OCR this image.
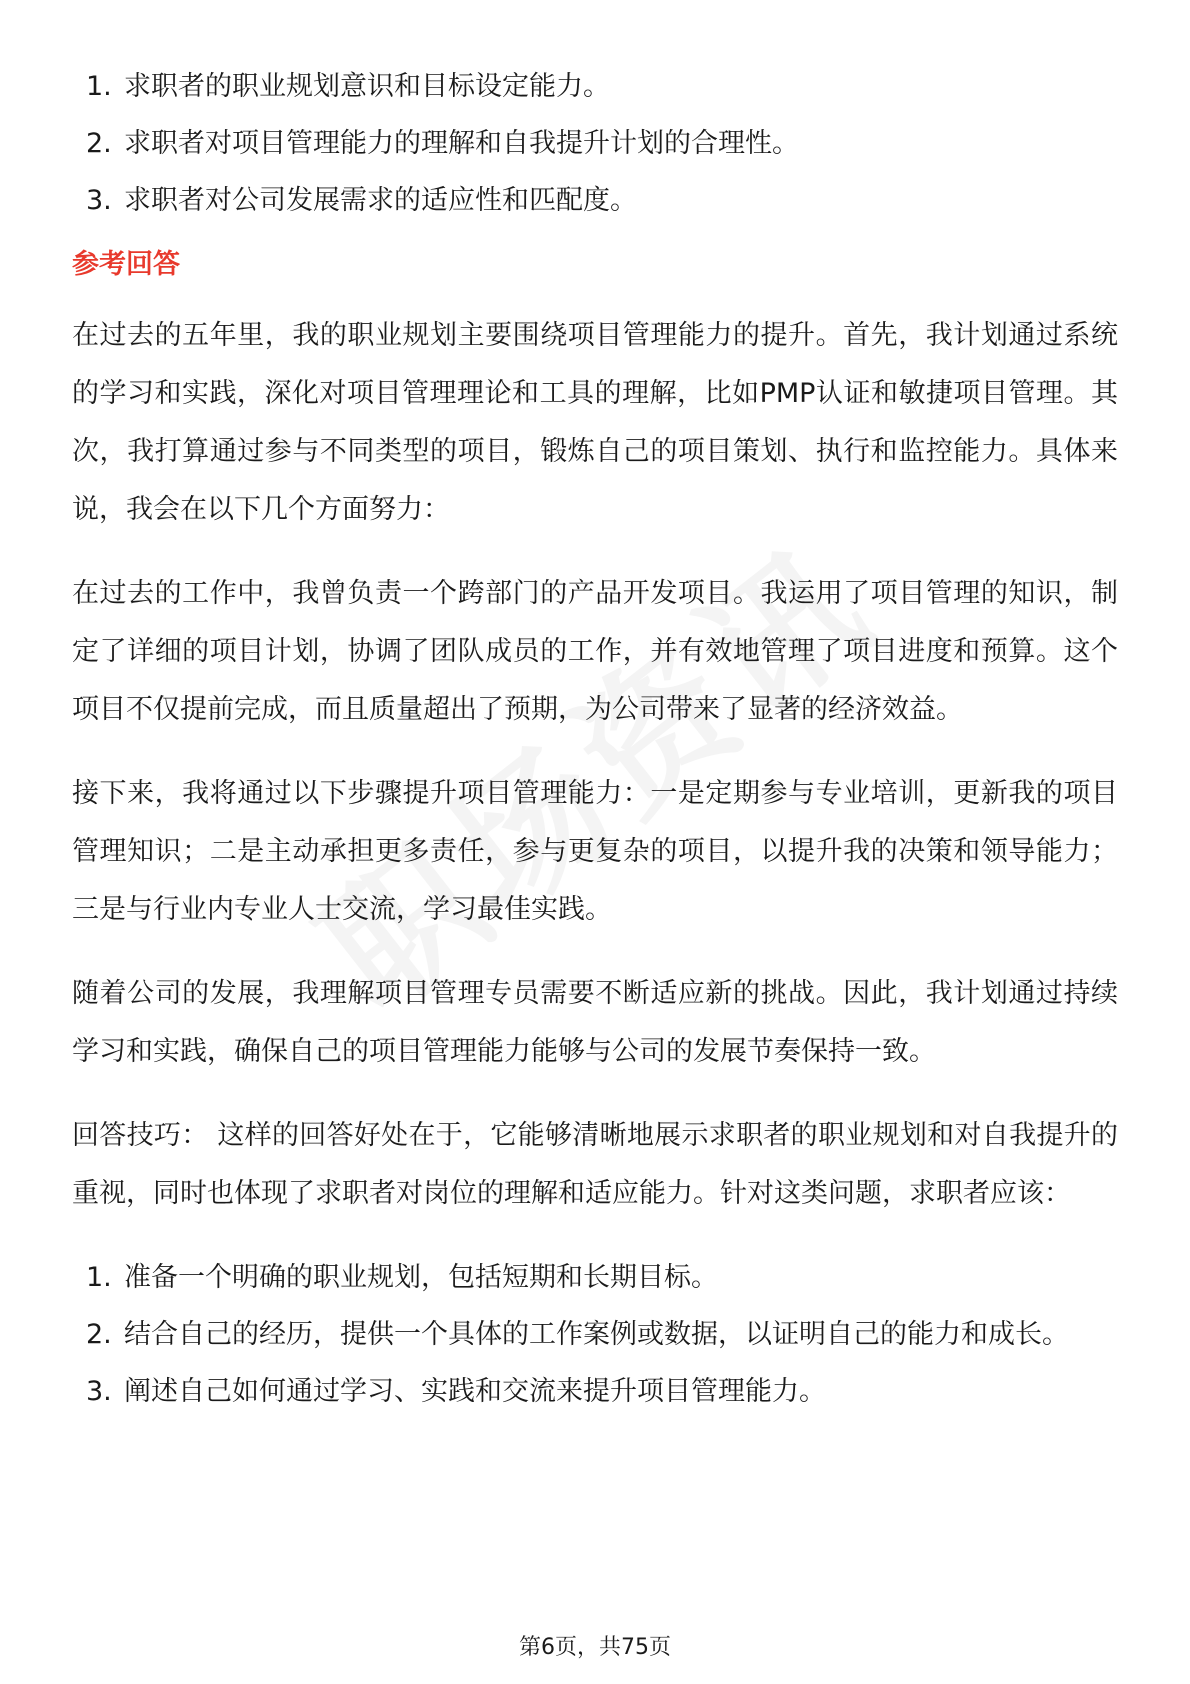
1. 求职者的职业规划意识和目标设定能力。
2. 求职者对项目管理能力的理解和自我提升计划的合理性。
3. 求职者对公司发展需求的适应性和匹配度。
参考回答

在过去的五年里，我的职业规划主要围绕项目管理能力的提升。首先，我计划通过系统的学习和实践，深化对项目管理理论和工具的理解，比如PMP认证和敏捷项目管理。其次，我打算通过参与不同类型的项目，锻炼自己的项目策划、执行和监控能力。具体来说，我会在以下几个方面努力：

在过去的工作中，我曾负责一个跨部门的产品开发项目。我运用了项目管理的知识，制定了详细的项目计划，协调了团队成员的工作，并有效地管理了项目进度和预算。这个项目不仅提前完成，而且质量超出了预期，为公司带来了显著的经济效益。

接下来，我将通过以下步骤提升项目管理能力：一是定期参与专业培训，更新我的项目管理知识；二是主动承担更多责任，参与更复杂的项目，以提升我的决策和领导能力；三是与行业内专业人士交流，学习最佳实践。

随着公司的发展，我理解项目管理专员需要不断适应新的挑战。因此，我计划通过持续学习和实践，确保自己的项目管理能力能够与公司的发展节奏保持一致。

回答技巧： 这样的回答好处在于，它能够清晰地展示求职者的职业规划和对自我提升的重视，同时也体现了求职者对岗位的理解和适应能力。针对这类问题，求职者应该：

1. 准备一个明确的职业规划，包括短期和长期目标。
2. 结合自己的经历，提供一个具体的工作案例或数据，以证明自己的能力和成长。
3. 阐述自己如何通过学习、实践和交流来提升项目管理能力。
第6页，共75页
